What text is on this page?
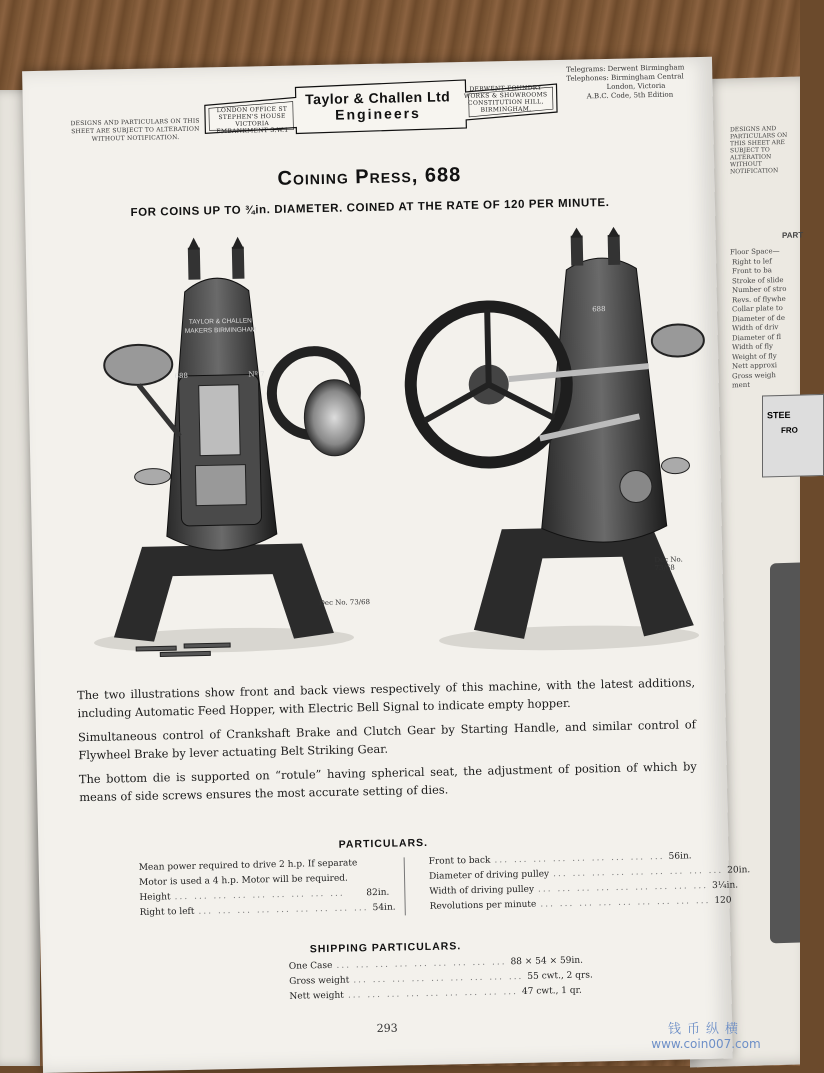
DESIGNS AND PARTICULARS ON THIS SHEET ARE SUBJECT TO ALTERATION WITHOUT NOTIFICATION
PART
Floor Space—
Right to lef
Front to ba
Stroke of slide
Number of stro
Revs. of flywhe
Collar plate to
Diameter of de
Width of driv
Diameter of fl
Width of fly
Weight of fly
Nett approxi
Gross weigh
ment
STEE
FRO
DESIGNS AND PARTICULARS ON THIS SHEET ARE SUBJECT TO ALTERATION WITHOUT NOTIFICATION.
LONDON OFFICE ST STEPHEN'S HOUSE VICTORIA EMBANKMENT S.W.1
Taylor & Challen Ltd
Engineers
DERWENT FOUNDRY WORKS & SHOWROOMS CONSTITUTION HILL, BIRMINGHAM.
Telegrams: Derwent Birmingham
Telephones: Birmingham Central
London, Victoria
A.B.C. Code, 5th Edition
Coining Press, 688
FOR COINS UP TO ¾in. DIAMETER. COINED AT THE RATE OF 120 PER MINUTE.
TAYLOR & CHALLEN
MAKERS BIRMINGHAM
688	Nº 7
Dec No. 73/68
688
Dec No. 73/68

The two illustrations show front and back views respectively of this machine, with the latest additions, including Automatic Feed Hopper, with Electric Bell Signal to indicate empty hopper.

Simultaneous control of Crankshaft Brake and Clutch Gear by Starting Handle, and similar control of Flywheel Brake by lever actuating Belt Striking Gear.

The bottom die is supported on “rotule” having spherical seat, the adjustment of position of which by means of side screws ensures the most accurate setting of dies.

PARTICULARS.
Mean power required to drive 2 h.p. If separate
Motor is used a 4 h.p. Motor will be required.
Height ... ... ... ... ... ... ... ... ...	82in.
Right to left ... ... ... ... ... ... ... ... ... 54in.
Front to back ... ... ... ... ... ... ... ... ... 56in.
Diameter of driving pulley ... ... ... ... ... ... ... ... ... 20in.
Width of driving pulley ... ... ... ... ... ... ... ... ... 3¼in.
Revolutions per minute ... ... ... ... ... ... ... ... ... 120
SHIPPING PARTICULARS.
One Case ... ... ... ... ... ... ... ... ... 88 × 54 × 59in.
Gross weight ... ... ... ... ... ... ... ... ... 55 cwt., 2 qrs.
Nett weight ... ... ... ... ... ... ... ... ... 47 cwt., 1 qr.
293	钱币纵横
www.coin007.com
